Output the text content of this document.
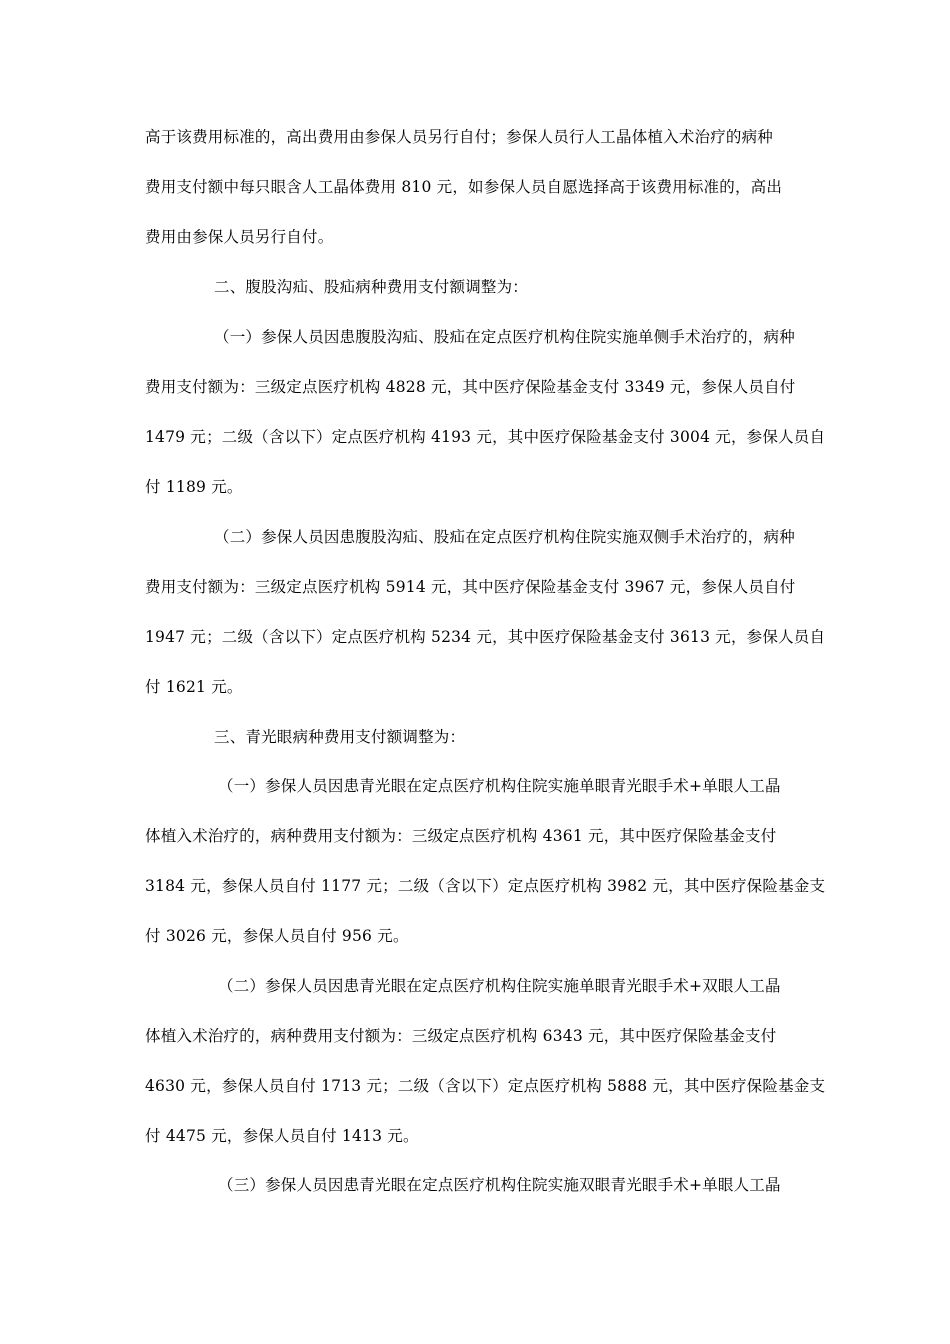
高于该费用标准的，高出费用由参保人员另行自付；参保人员行人工晶体植入术治疗的病种
费用支付额中每只眼含人工晶体费用 810 元，如参保人员自愿选择高于该费用标准的，高出
费用由参保人员另行自付。
二、腹股沟疝、股疝病种费用支付额调整为：
（一）参保人员因患腹股沟疝、股疝在定点医疗机构住院实施单侧手术治疗的，病种
费用支付额为：三级定点医疗机构 4828 元，其中医疗保险基金支付 3349 元，参保人员自付
1479 元；二级（含以下）定点医疗机构 4193 元，其中医疗保险基金支付 3004 元，参保人员自
付 1189 元。
（二）参保人员因患腹股沟疝、股疝在定点医疗机构住院实施双侧手术治疗的，病种
费用支付额为：三级定点医疗机构 5914 元，其中医疗保险基金支付 3967 元，参保人员自付
1947 元；二级（含以下）定点医疗机构 5234 元，其中医疗保险基金支付 3613 元，参保人员自
付 1621 元。
三、青光眼病种费用支付额调整为：
（一）参保人员因患青光眼在定点医疗机构住院实施单眼青光眼手术+单眼人工晶
体植入术治疗的，病种费用支付额为：三级定点医疗机构 4361 元，其中医疗保险基金支付
3184 元，参保人员自付 1177 元；二级（含以下）定点医疗机构 3982 元，其中医疗保险基金支
付 3026 元，参保人员自付 956 元。
（二）参保人员因患青光眼在定点医疗机构住院实施单眼青光眼手术+双眼人工晶
体植入术治疗的，病种费用支付额为：三级定点医疗机构 6343 元，其中医疗保险基金支付
4630 元，参保人员自付 1713 元；二级（含以下）定点医疗机构 5888 元，其中医疗保险基金支
付 4475 元，参保人员自付 1413 元。
（三）参保人员因患青光眼在定点医疗机构住院实施双眼青光眼手术+单眼人工晶
